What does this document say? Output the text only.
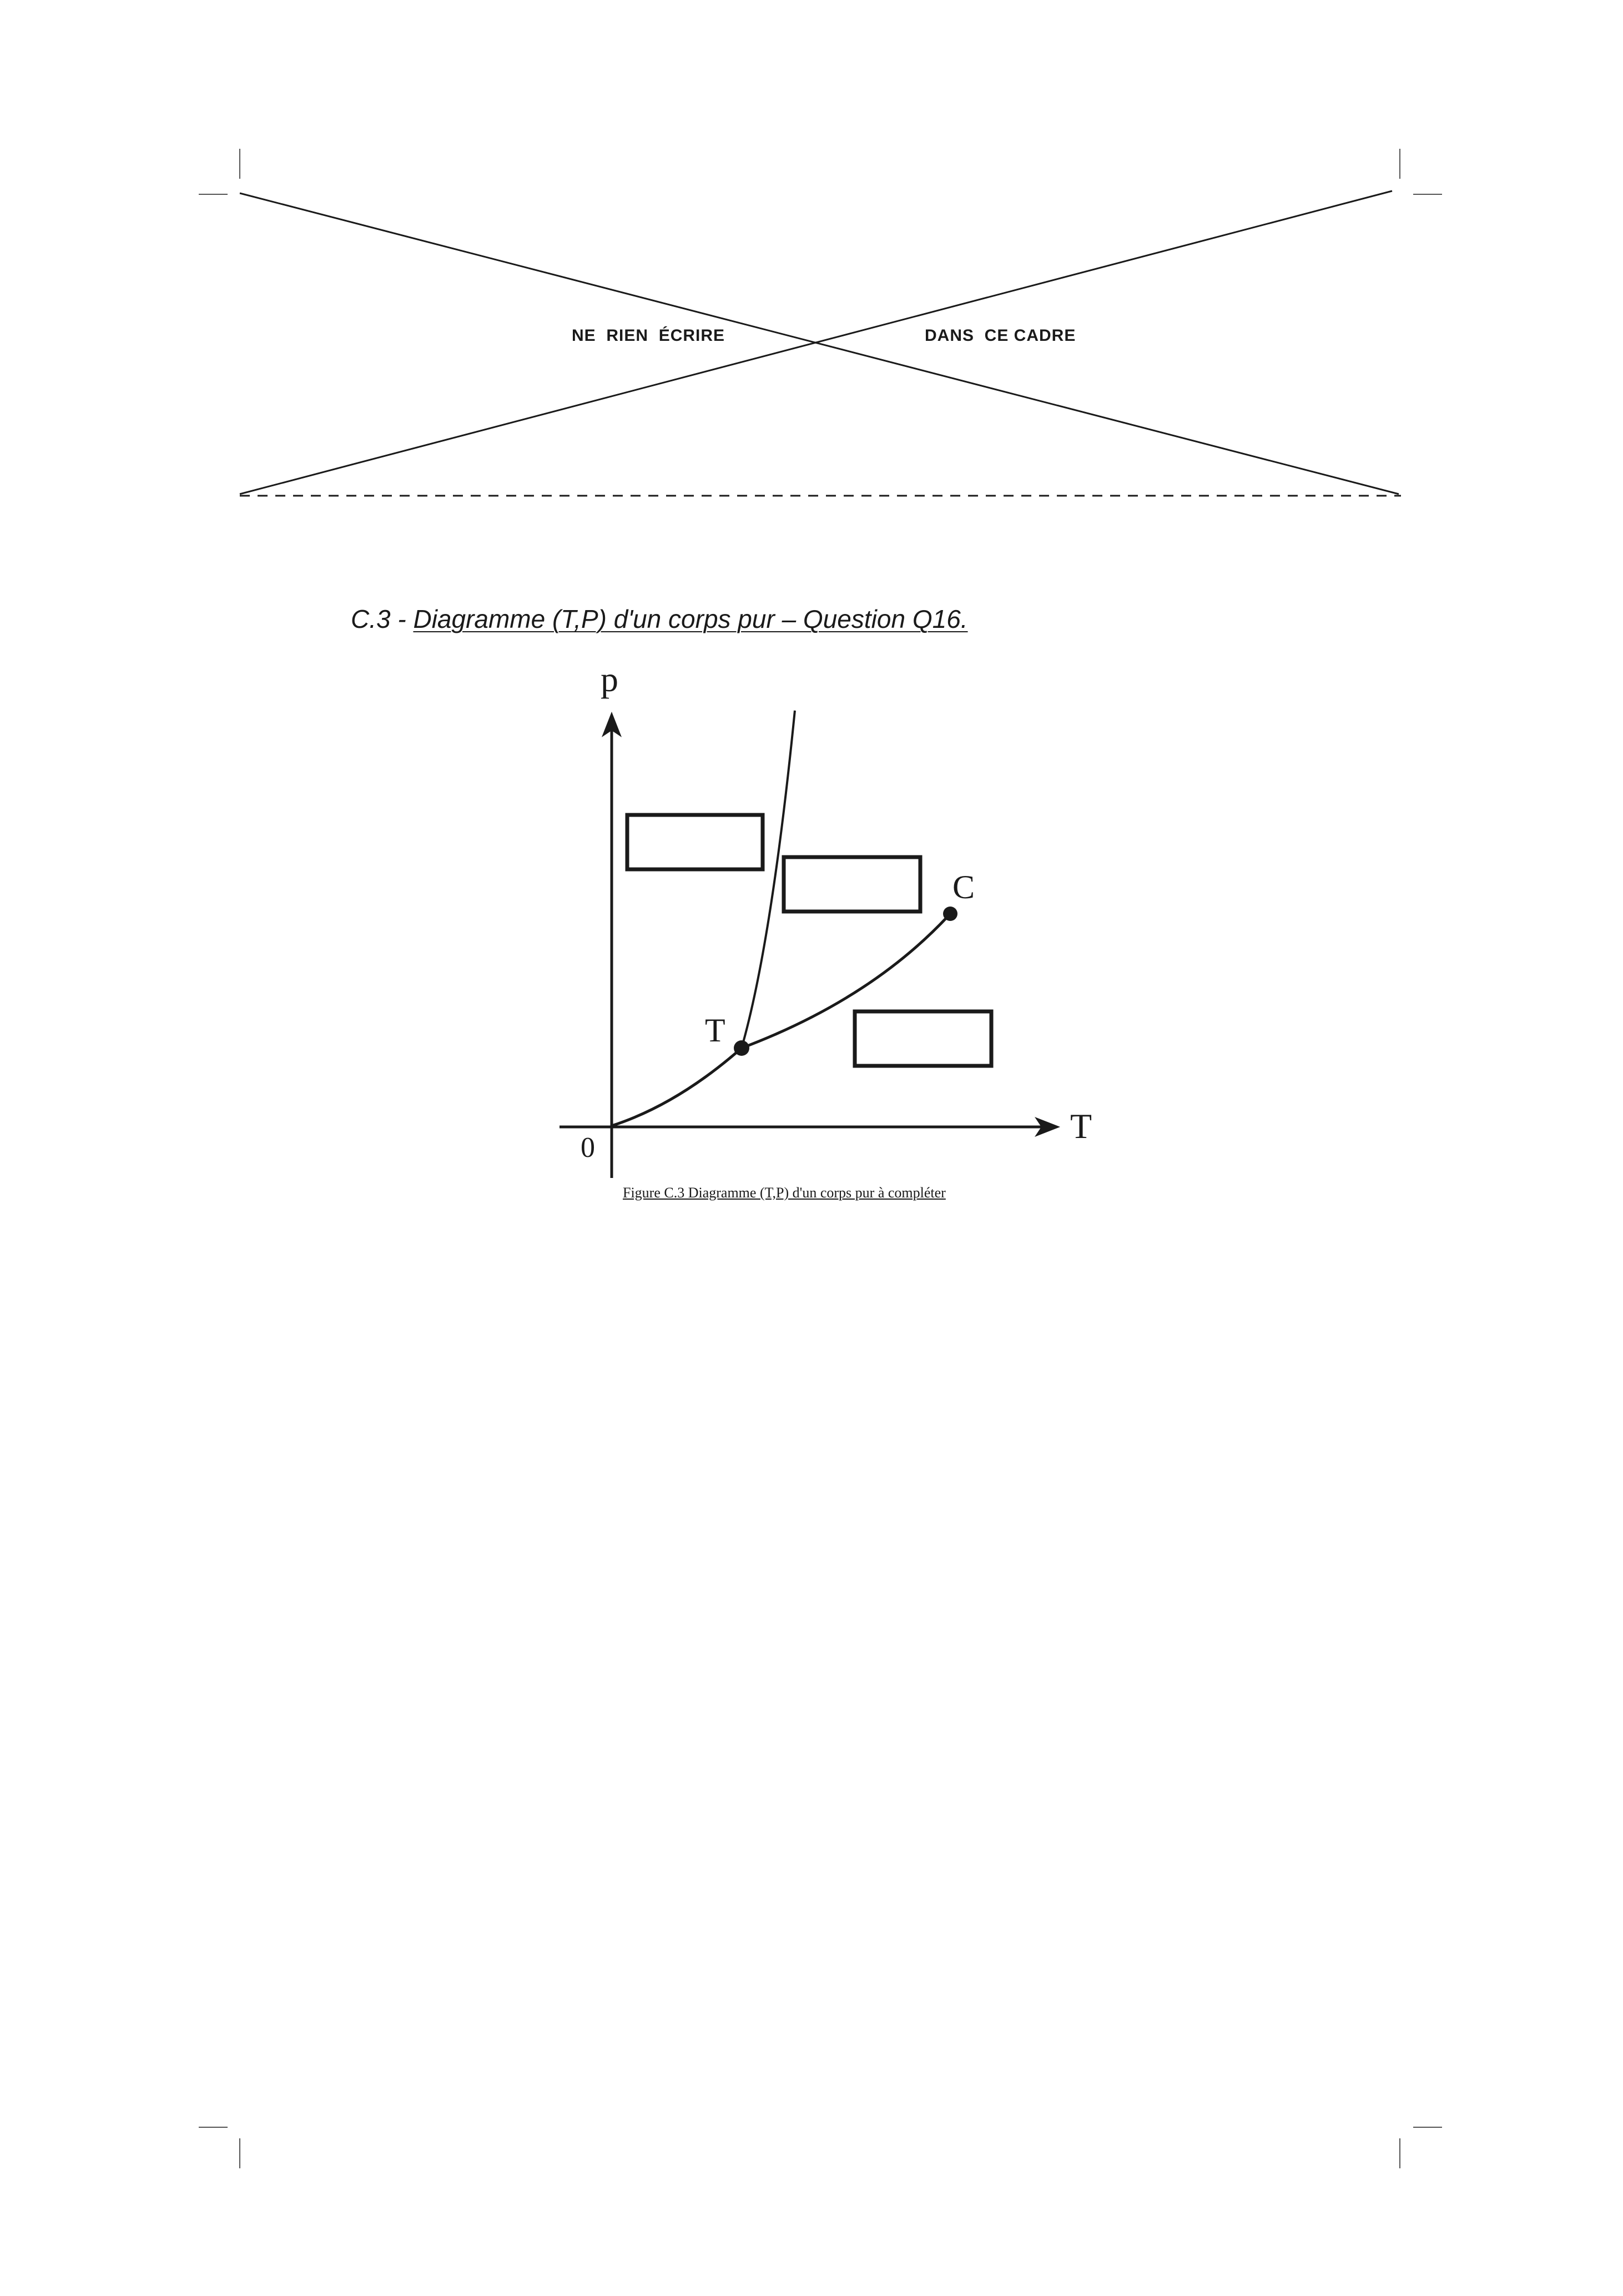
NE  RIEN  ÉCRIRE	DANS  CE CADRE
C.3 - Diagramme (T,P) d'un corps pur – Question Q16.
p
T
0
T
C
Figure C.3 Diagramme (T,P) d'un corps pur à compléter
